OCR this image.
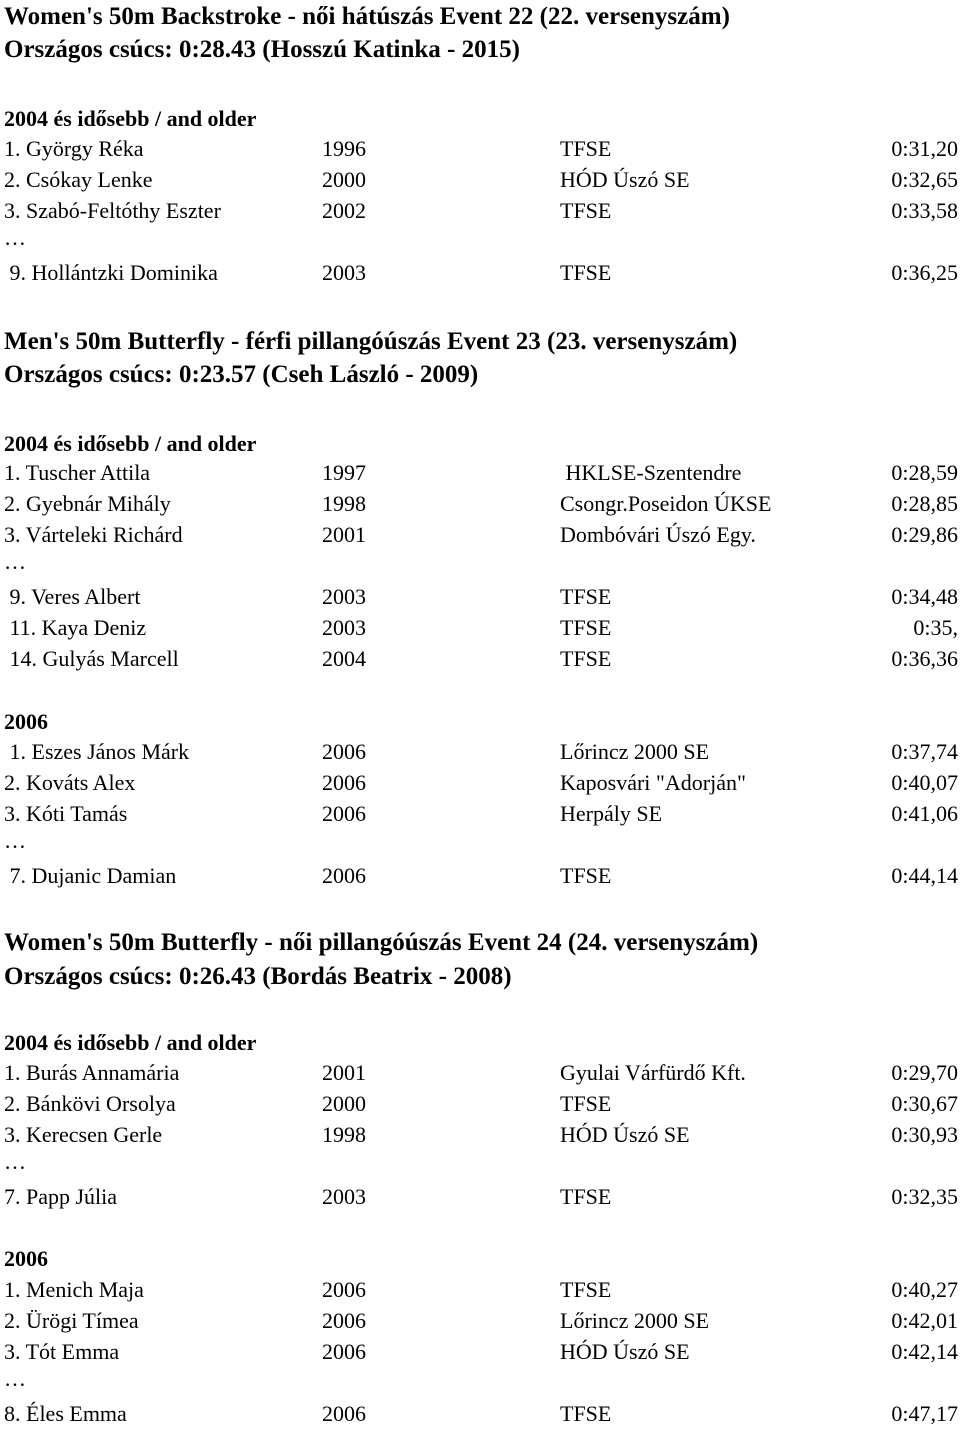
Women's 50m Backstroke - női hátúszás Event 22 (22. versenyszám)
Országos csúcs: 0:28.43 (Hosszú Katinka - 2015)
2004 és idősebb / and older
1. György Réka	1996	TFSE	0:31,20
2. Csókay Lenke	2000	HÓD Úszó SE	0:32,65
3. Szabó-Feltóthy Eszter	2002	TFSE	0:33,58
…
9. Hollántzki Dominika	2003	TFSE	0:36,25
Men's 50m Butterfly - férfi pillangóúszás Event 23 (23. versenyszám)
Országos csúcs: 0:23.57 (Cseh László - 2009)
2004 és idősebb / and older
1. Tuscher Attila	1997	HKLSE-Szentendre	0:28,59
2. Gyebnár Mihály	1998	Csongr.Poseidon ÚKSE	0:28,85
3. Várteleki Richárd	2001	Dombóvári Úszó Egy.	0:29,86
…
9. Veres Albert	2003	TFSE	0:34,48
11. Kaya Deniz	2003	TFSE	0:35,
14. Gulyás Marcell	2004	TFSE	0:36,36
2006
1. Eszes János Márk	2006	Lőrincz 2000 SE	0:37,74
2. Kováts Alex	2006	Kaposvári "Adorján"	0:40,07
3. Kóti Tamás	2006	Herpály SE	0:41,06
…
7. Dujanic Damian	2006	TFSE	0:44,14
Women's 50m Butterfly - női pillangóúszás Event 24 (24. versenyszám)
Országos csúcs: 0:26.43 (Bordás Beatrix - 2008)
2004 és idősebb / and older
1. Burás Annamária	2001	Gyulai Várfürdő Kft.	0:29,70
2. Bánkövi Orsolya	2000	TFSE	0:30,67
3. Kerecsen Gerle	1998	HÓD Úszó SE	0:30,93
…
7. Papp Júlia	2003	TFSE	0:32,35
2006
1. Menich Maja	2006	TFSE	0:40,27
2. Ürögi Tímea	2006	Lőrincz 2000 SE	0:42,01
3. Tót Emma	2006	HÓD Úszó SE	0:42,14
…
8. Éles Emma	2006	TFSE	0:47,17
